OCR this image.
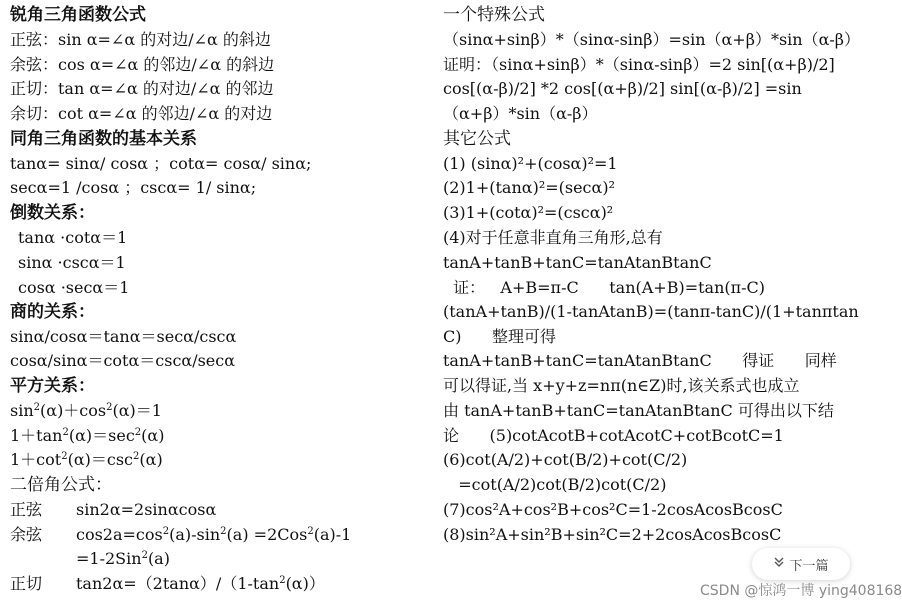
锐角三角函数公式
正弦：sin α=∠α 的对边/∠α 的斜边
余弦：cos α=∠α 的邻边/∠α 的斜边
正切：tan α=∠α 的对边/∠α 的邻边
余切：cot α=∠α 的邻边/∠α 的对边
同角三角函数的基本关系
tanα= sinα/ cosα ；cotα= cosα/ sinα;
secα=1 /cosα ；cscα= 1/ sinα;
倒数关系：
tanα ·cotα＝1
sinα ·cscα＝1
cosα ·secα＝1
商的关系：
sinα/cosα＝tanα＝secα/cscα
cosα/sinα＝cotα＝cscα/secα
平方关系：
$\sin^2(\alpha)+\cos^2(\alpha)=1$
$1+\tan^2(\alpha)=\sec^2(\alpha)$
$1+\cot^2(\alpha)=\csc^2(\alpha)$
二倍角公式：
正弦 sin2α=2sinαcosα
余弦 $\cos 2a=\cos^2(a)-\sin^2(a) =2Cos^2(a)-1$
=1-2Sin$^2$(a)
正切 $\tan 2\alpha=(2\tan\alpha)/(1-\tan^2(\alpha))$
一个特殊公式
（sinα+sinβ）*（sinα-sinβ）=sin（α+β）*sin（α-β）
证明：（sinα+sinβ）*（sinα-sinβ）=2 sin[(α+β)/2]
cos[(α-β)/2] *2 cos[(α+β)/2] sin[(α-β)/2] =sin
（α+β）*sin（α-β）
其它公式
(1) (sinα)²+(cosα)²=1
(2)1+(tanα)²=(secα)²
(3)1+(cotα)²=(cscα)²
(4)对于任意非直角三角形,总有
tanA+tanB+tanC=tanAtanBtanC
证：   A+B=π-C      tan(A+B)=tan(π-C)
(tanA+tanB)/(1-tanAtanB)=(tanπ-tanC)/(1+tanπtan
C)      整理可得
tanA+tanB+tanC=tanAtanBtanC      得证      同样
可以得证,当 x+y+z=nπ(n∈Z)时,该关系式也成立
由 tanA+tanB+tanC=tanAtanBtanC 可得出以下结
论      (5)cotAcotB+cotAcotC+cotBcotC=1
(6)cot(A/2)+cot(B/2)+cot(C/2)
=cot(A/2)cot(B/2)cot(C/2)
(7)cos²A+cos²B+cos²C=1-2cosAcosBcosC
(8)sin²A+sin²B+sin²C=2+2cosAcosBcosC
下一篇
CSDN @惊鸿一博 ying408168
